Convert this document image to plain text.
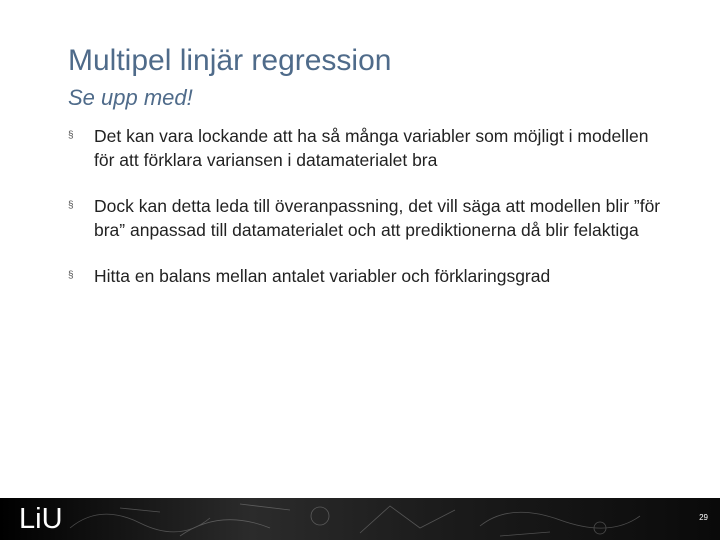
Multipel linjär regression
Se upp med!
§	Det kan vara lockande att ha så många variabler som möjligt i modellen för att förklara variansen i datamaterialet bra
§	Dock kan detta leda till överanpassning, det vill säga att modellen blir ”för bra” anpassad till datamaterialet och att prediktionerna då blir felaktiga
§	Hitta en balans mellan antalet variabler och förklaringsgrad
LiU	29
